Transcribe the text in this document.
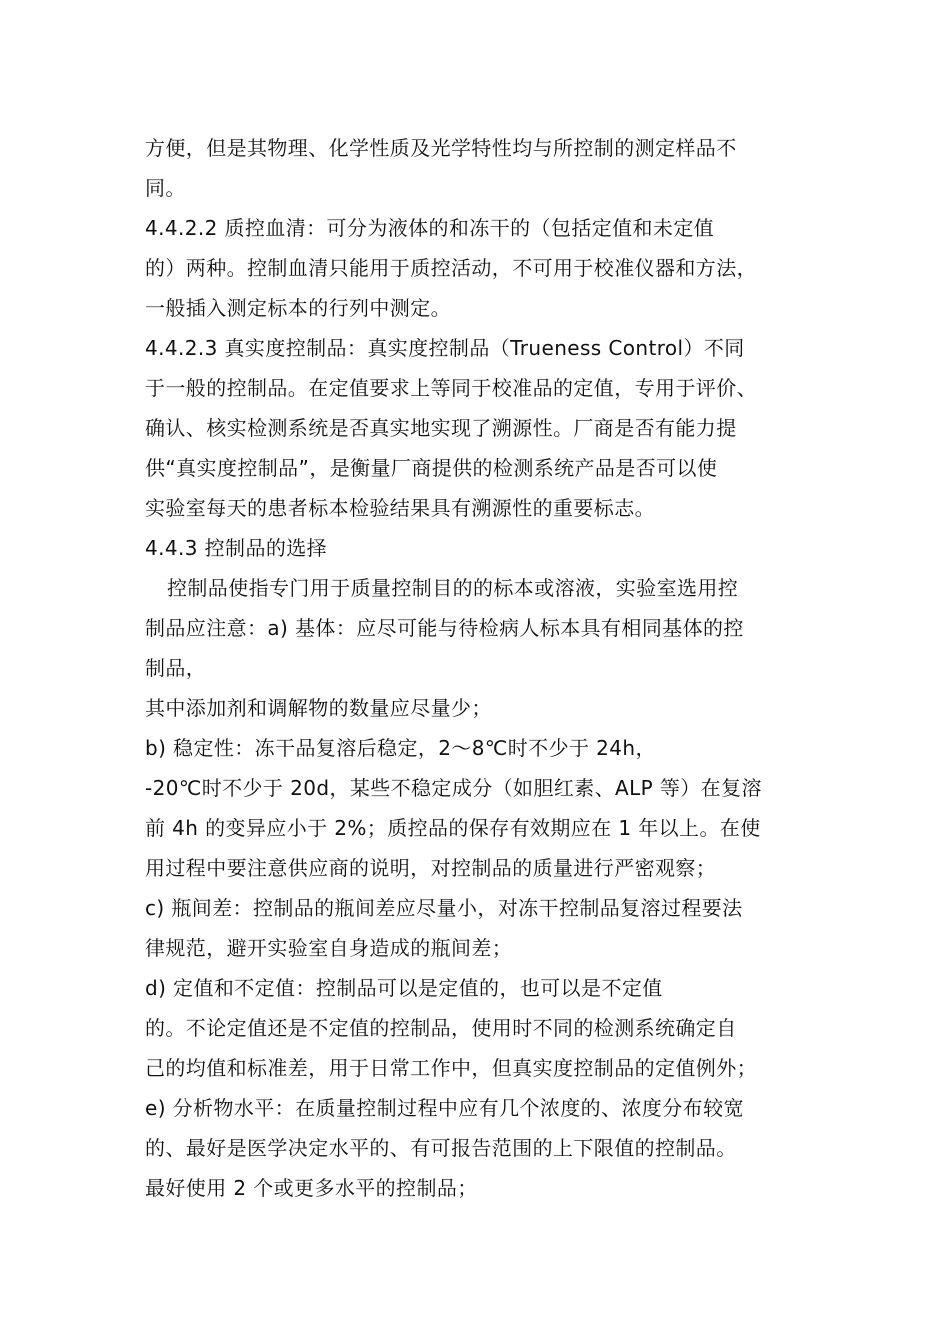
方便，但是其物理、化学性质及光学特性均与所控制的测定样品不

同。

4.4.2.2 质控血清：可分为液体的和冻干的（包括定值和未定值

的）两种。控制血清只能用于质控活动，不可用于校准仪器和方法，

一般插入测定标本的行列中测定。

4.4.2.3 真实度控制品：真实度控制品（Trueness Control）不同

于一般的控制品。在定值要求上等同于校准品的定值，专用于评价、

确认、核实检测系统是否真实地实现了溯源性。厂商是否有能力提

供“真实度控制品”，是衡量厂商提供的检测系统产品是否可以使

实验室每天的患者标本检验结果具有溯源性的重要标志。

4.4.3 控制品的选择

控制品使指专门用于质量控制目的的标本或溶液，实验室选用控

制品应注意：a) 基体：应尽可能与待检病人标本具有相同基体的控

制品，

其中添加剂和调解物的数量应尽量少；

b) 稳定性：冻干品复溶后稳定，2～8℃时不少于 24h，

-20℃时不少于 20d，某些不稳定成分（如胆红素、ALP 等）在复溶

前 4h 的变异应小于 2%；质控品的保存有效期应在 1 年以上。在使

用过程中要注意供应商的说明，对控制品的质量进行严密观察；

c) 瓶间差：控制品的瓶间差应尽量小，对冻干控制品复溶过程要法

律规范，避开实验室自身造成的瓶间差；

d) 定值和不定值：控制品可以是定值的，也可以是不定值

的。不论定值还是不定值的控制品，使用时不同的检测系统确定自

己的均值和标准差，用于日常工作中，但真实度控制品的定值例外；

e) 分析物水平：在质量控制过程中应有几个浓度的、浓度分布较宽

的、最好是医学决定水平的、有可报告范围的上下限值的控制品。

最好使用 2 个或更多水平的控制品；
